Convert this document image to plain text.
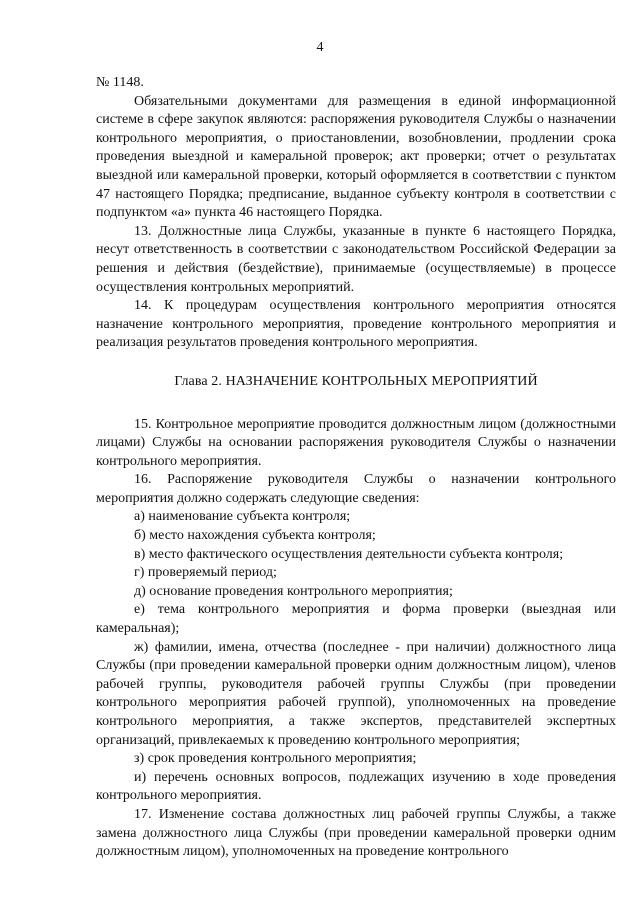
4

№ 1148.

Обязательными документами для размещения в единой информационной системе в сфере закупок являются: распоряжения руководителя Службы о назначении контрольного мероприятия, о приостановлении, возобновлении, продлении срока проведения выездной и камеральной проверок; акт проверки; отчет о результатах выездной или камеральной проверки, который оформляется в соответствии с пунктом 47 настоящего Порядка; предписание, выданное субъекту контроля в соответствии с подпунктом «а» пункта 46 настоящего Порядка.

13. Должностные лица Службы, указанные в пункте 6 настоящего Порядка, несут ответственность в соответствии с законодательством Российской Федерации за решения и действия (бездействие), принимаемые (осуществляемые) в процессе осуществления контрольных мероприятий.

14. К процедурам осуществления контрольного мероприятия относятся назначение контрольного мероприятия, проведение контрольного мероприятия и реализация результатов проведения контрольного мероприятия.

Глава 2. НАЗНАЧЕНИЕ КОНТРОЛЬНЫХ МЕРОПРИЯТИЙ

15. Контрольное мероприятие проводится должностным лицом (должностными лицами) Службы на основании распоряжения руководителя Службы о назначении контрольного мероприятия.

16. Распоряжение руководителя Службы о назначении контрольного мероприятия должно содержать следующие сведения:

а) наименование субъекта контроля;

б) место нахождения субъекта контроля;

в) место фактического осуществления деятельности субъекта контроля;

г) проверяемый период;

д) основание проведения контрольного мероприятия;

е) тема контрольного мероприятия и форма проверки (выездная или камеральная);

ж) фамилии, имена, отчества (последнее - при наличии) должностного лица Службы (при проведении камеральной проверки одним должностным лицом), членов рабочей группы, руководителя рабочей группы Службы (при проведении контрольного мероприятия рабочей группой), уполномоченных на проведение контрольного мероприятия, а также экспертов, представителей экспертных организаций, привлекаемых к проведению контрольного мероприятия;

з) срок проведения контрольного мероприятия;

и) перечень основных вопросов, подлежащих изучению в ходе проведения контрольного мероприятия.

17. Изменение состава должностных лиц рабочей группы Службы, а также замена должностного лица Службы (при проведении камеральной проверки одним должностным лицом), уполномоченных на проведение контрольного
